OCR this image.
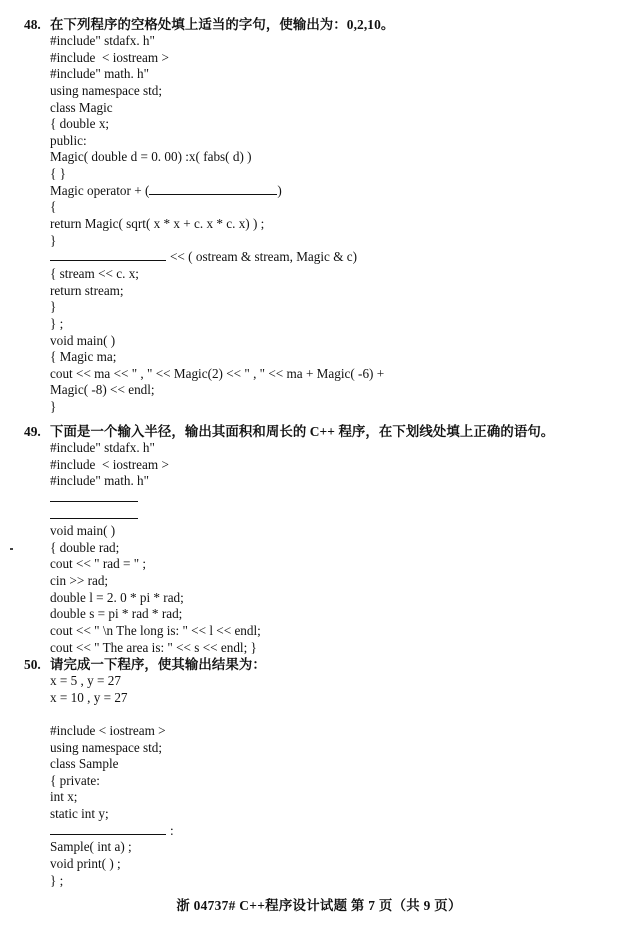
48. 在下列程序的空格处填上适当的字句，使输出为：0,2,10。
#include" stdafx. h"
#include  < iostream >
#include" math. h"
using namespace std;
class Magic
{ double x;
public:
Magic( double d = 0. 00) :x( fabs( d) )
{ }
Magic operator + (	)
{
return Magic( sqrt( x * x + c. x * c. x) ) ;
}
<< ( ostream & stream, Magic & c)
{ stream << c. x;
return stream;
}
} ;
void main( )
{ Magic ma;
cout << ma << " , " << Magic(2) << " , " << ma + Magic( -6) +
Magic( -8) << endl;
}
49. 下面是一个输入半径，输出其面积和周长的 C++ 程序，在下划线处填上正确的语句。
#include" stdafx. h"
#include  < iostream >
#include" math. h"
void main( )
{ double rad;
cout << " rad = " ;
cin >> rad;
double l = 2. 0 * pi * rad;
double s = pi * rad * rad;
cout << " \n The long is: " << l << endl;
cout << " The area is: " << s << endl; }
50. 请完成一下程序，使其输出结果为：
x = 5 , y = 27
x = 10 , y = 27
#include < iostream >
using namespace std;
class Sample
{ private:
int x;
static int y;
:
Sample( int a) ;
void print( ) ;
} ;
浙 04737# C++程序设计试题 第 7 页（共 9 页）
